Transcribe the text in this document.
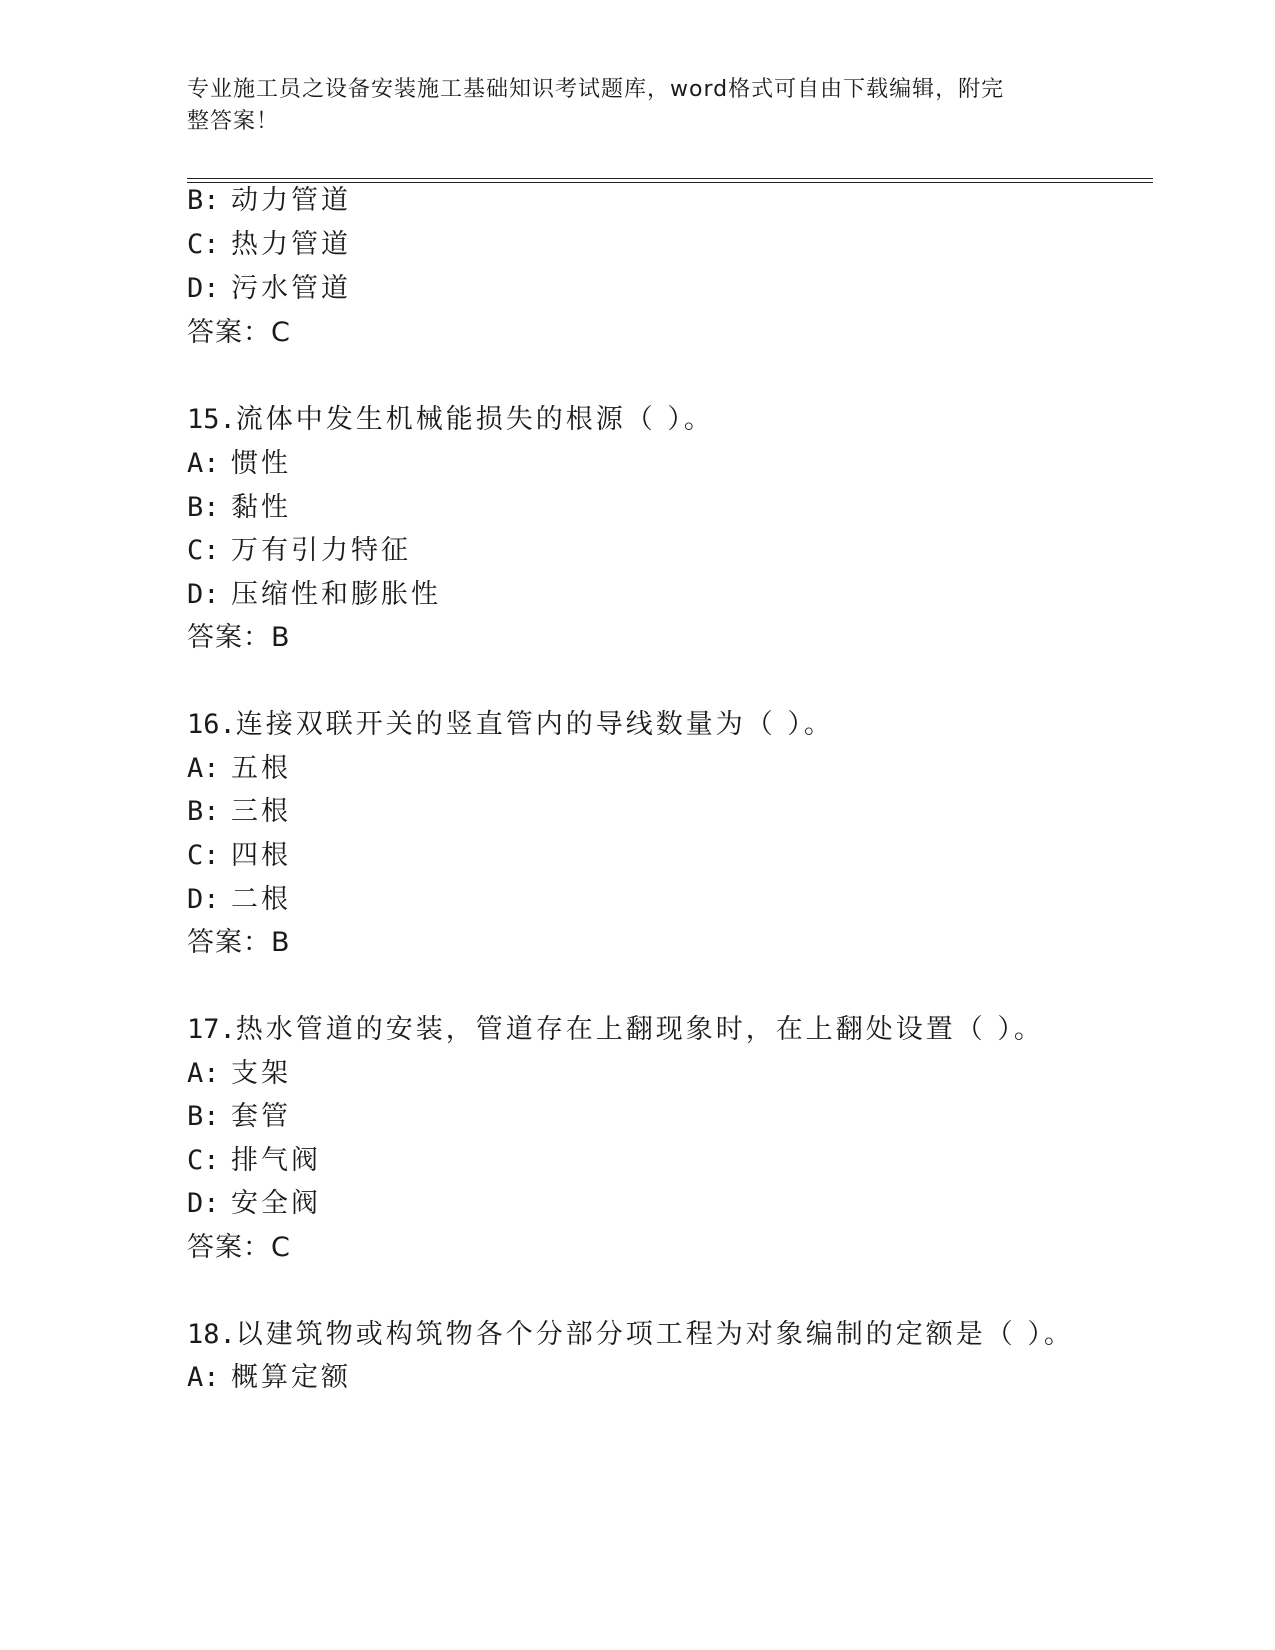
专业施工员之设备安装施工基础知识考试题库，word格式可自由下载编辑，附完
整答案！
B: 动力管道
C: 热力管道
D: 污水管道
答案：C
15.流体中发生机械能损失的根源（ ）。
A: 惯性
B: 黏性
C: 万有引力特征
D: 压缩性和膨胀性
答案：B
16.连接双联开关的竖直管内的导线数量为（ ）。
A: 五根
B: 三根
C: 四根
D: 二根
答案：B
17.热水管道的安装，管道存在上翻现象时，在上翻处设置（ ）。
A: 支架
B: 套管
C: 排气阀
D: 安全阀
答案：C
18.以建筑物或构筑物各个分部分项工程为对象编制的定额是（ ）。
A: 概算定额
